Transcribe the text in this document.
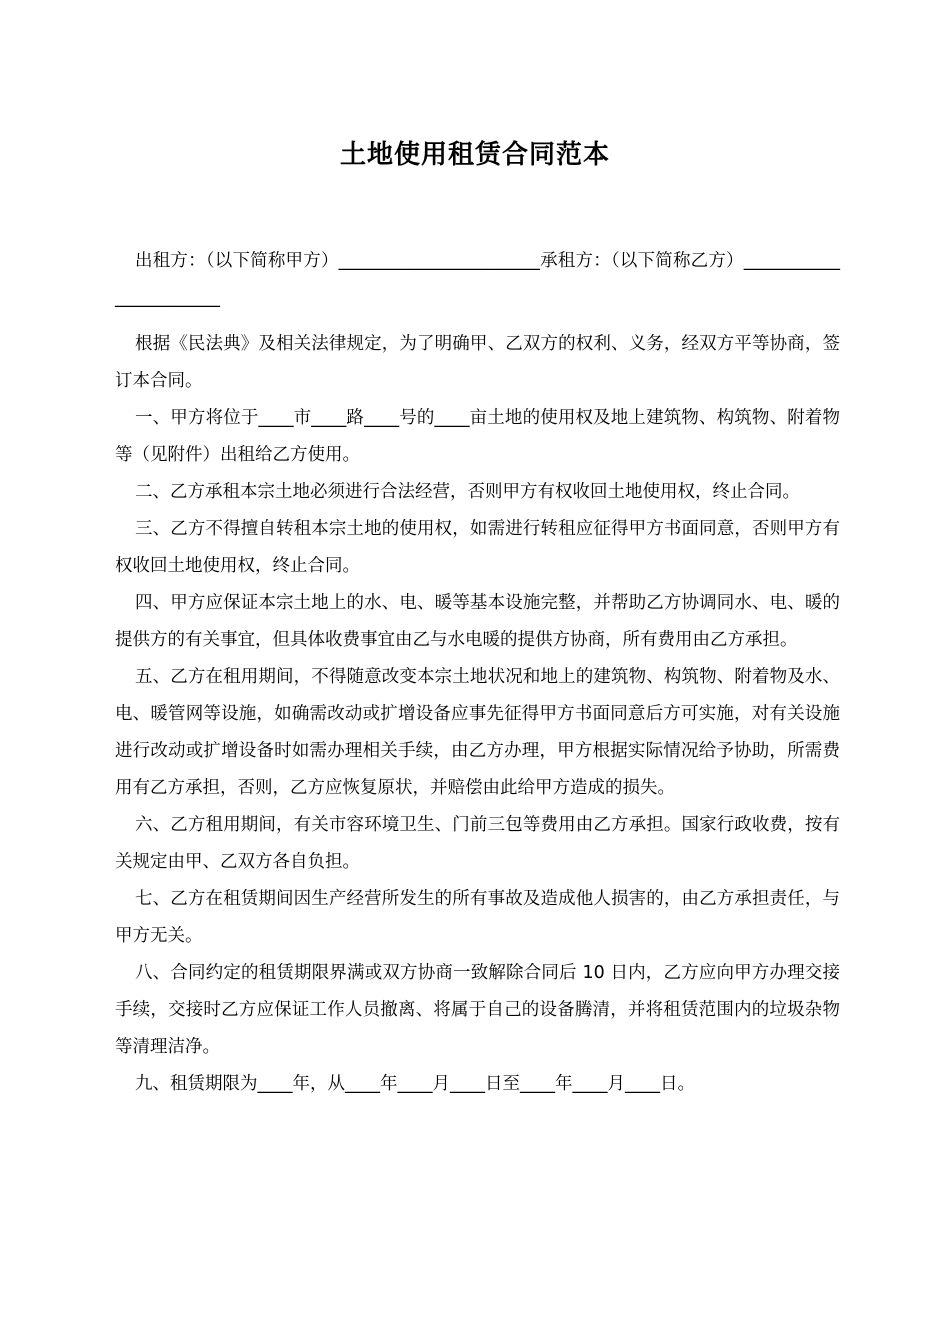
土地使用租赁合同范本

出租方：（以下简称甲方）_______________________承租方：（以下简称乙方）_______________________

根据《民法典》及相关法律规定，为了明确甲、乙双方的权利、义务，经双方平等协商，签订本合同。

一、甲方将位于____市____路____号的____亩土地的使用权及地上建筑物、构筑物、附着物等（见附件）出租给乙方使用。

二、乙方承租本宗土地必须进行合法经营，否则甲方有权收回土地使用权，终止合同。

三、乙方不得擅自转租本宗土地的使用权，如需进行转租应征得甲方书面同意，否则甲方有权收回土地使用权，终止合同。

四、甲方应保证本宗土地上的水、电、暖等基本设施完整，并帮助乙方协调同水、电、暖的提供方的有关事宜，但具体收费事宜由乙与水电暖的提供方协商，所有费用由乙方承担。

五、乙方在租用期间，不得随意改变本宗土地状况和地上的建筑物、构筑物、附着物及水、电、暖管网等设施，如确需改动或扩增设备应事先征得甲方书面同意后方可实施，对有关设施进行改动或扩增设备时如需办理相关手续，由乙方办理，甲方根据实际情况给予协助，所需费用有乙方承担，否则，乙方应恢复原状，并赔偿由此给甲方造成的损失。

六、乙方租用期间，有关市容环境卫生、门前三包等费用由乙方承担。国家行政收费，按有关规定由甲、乙双方各自负担。

七、乙方在租赁期间因生产经营所发生的所有事故及造成他人损害的，由乙方承担责任，与甲方无关。

八、合同约定的租赁期限界满或双方协商一致解除合同后 10 日内，乙方应向甲方办理交接手续，交接时乙方应保证工作人员撤离、将属于自己的设备腾清，并将租赁范围内的垃圾杂物等清理洁净。

九、租赁期限为____年，从____年____月____日至____年____月____日。
